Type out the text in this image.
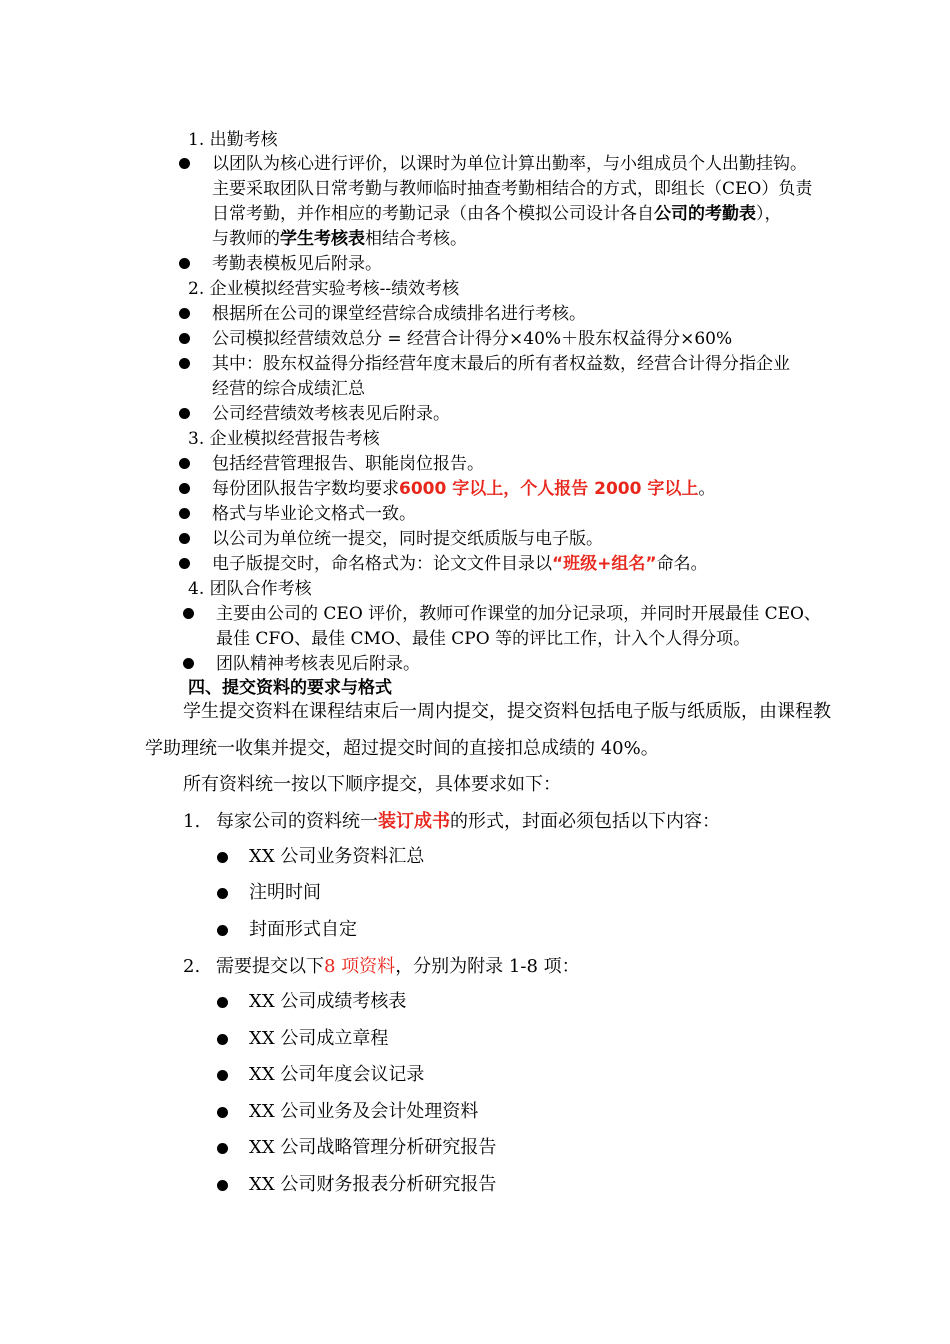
1. 出勤考核
以团队为核心进行评价，以课时为单位计算出勤率，与小组成员个人出勤挂钩。
主要采取团队日常考勤与教师临时抽查考勤相结合的方式，即组长（CEO）负责
日常考勤，并作相应的考勤记录（由各个模拟公司设计各自公司的考勤表），
与教师的学生考核表相结合考核。
考勤表模板见后附录。
2. 企业模拟经营实验考核--绩效考核
根据所在公司的课堂经营综合成绩排名进行考核。
公司模拟经营绩效总分 = 经营合计得分×40%＋股东权益得分×60%
其中：股东权益得分指经营年度末最后的所有者权益数，经营合计得分指企业
经营的综合成绩汇总
公司经营绩效考核表见后附录。
3. 企业模拟经营报告考核
包括经营管理报告、职能岗位报告。
每份团队报告字数均要求6000 字以上，个人报告 2000 字以上。
格式与毕业论文格式一致。
以公司为单位统一提交，同时提交纸质版与电子版。
电子版提交时，命名格式为：论文文件目录以“班级+组名”命名。
4. 团队合作考核
主要由公司的 CEO 评价，教师可作课堂的加分记录项，并同时开展最佳 CEO、
最佳 CFO、最佳 CMO、最佳 CPO 等的评比工作，计入个人得分项。
团队精神考核表见后附录。
四、提交资料的要求与格式
学生提交资料在课程结束后一周内提交，提交资料包括电子版与纸质版，由课程教
学助理统一收集并提交，超过提交时间的直接扣总成绩的 40%。
所有资料统一按以下顺序提交，具体要求如下：
1. 每家公司的资料统一装订成书的形式，封面必须包括以下内容：
XX 公司业务资料汇总
注明时间
封面形式自定
2. 需要提交以下8 项资料，分别为附录 1-8 项：
XX 公司成绩考核表
XX 公司成立章程
XX 公司年度会议记录
XX 公司业务及会计处理资料
XX 公司战略管理分析研究报告
XX 公司财务报表分析研究报告
